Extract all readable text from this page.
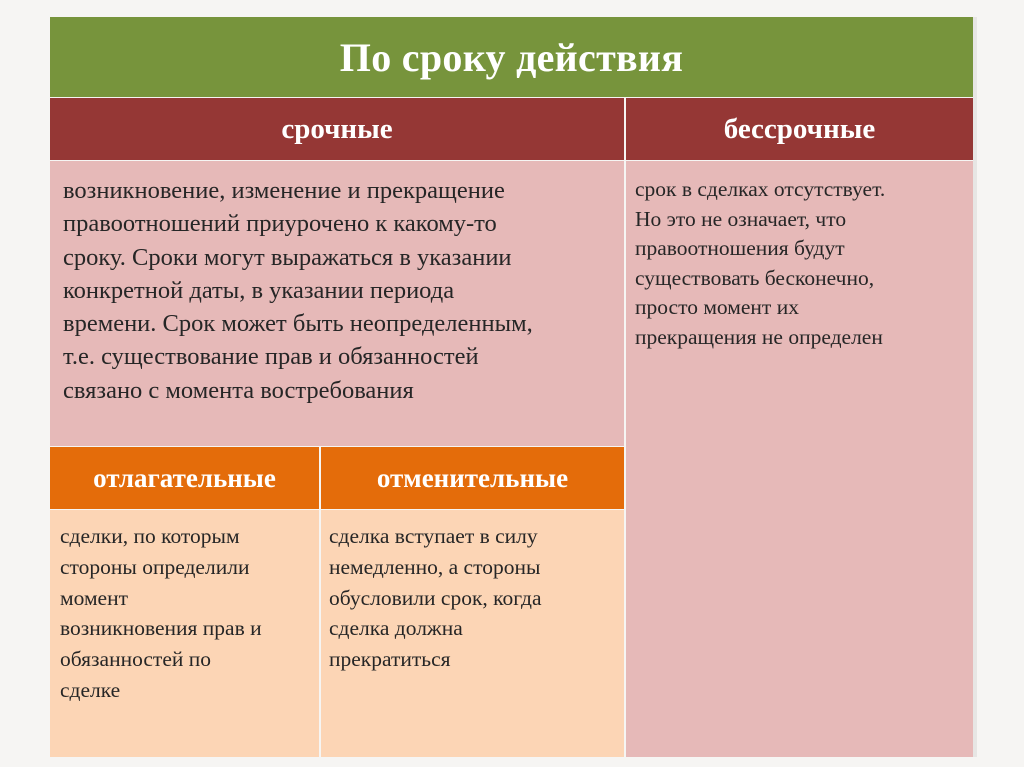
По сроку действия
срочные	бессрочные

возникновение, изменение и прекращение

правоотношений приурочено к какому-то

сроку. Сроки могут выражаться в указании

конкретной даты, в указании периода

времени. Срок может быть неопределенным,

т.е. существование прав и обязанностей

связано с момента востребования

срок в сделках отсутствует.

Но это не означает, что

правоотношения будут

существовать бесконечно,

просто момент их

прекращения не определен

отлагательные	отменительные

сделки, по которым

стороны определили

момент

возникновения прав и

обязанностей по

сделке

сделка вступает в силу

немедленно, а стороны

обусловили срок, когда

сделка должна

прекратиться
